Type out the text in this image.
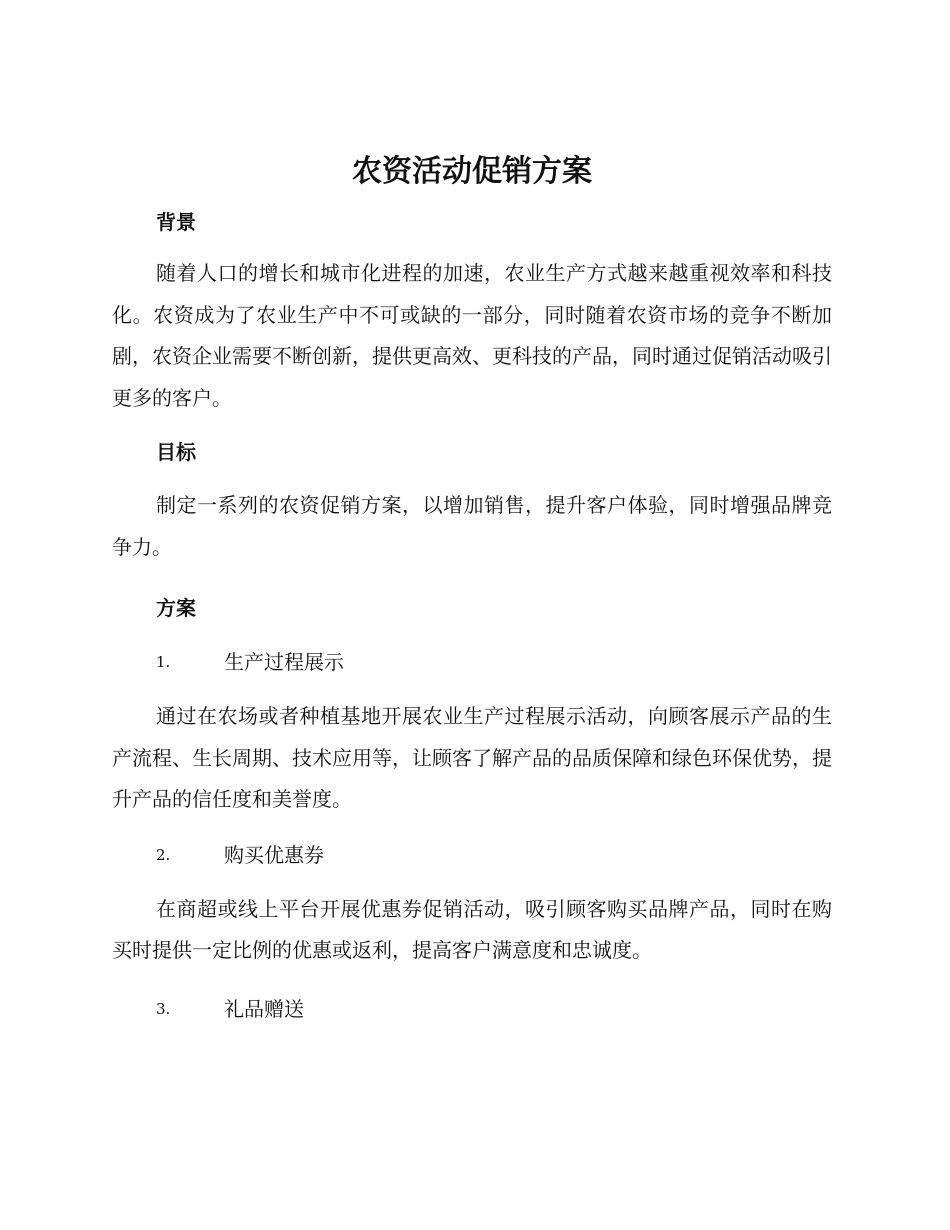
农资活动促销方案
背景

随着人口的增长和城市化进程的加速，农业生产方式越来越重视效率和科技化。农资成为了农业生产中不可或缺的一部分，同时随着农资市场的竞争不断加剧，农资企业需要不断创新，提供更高效、更科技的产品，同时通过促销活动吸引更多的客户。

目标

制定一系列的农资促销方案，以增加销售，提升客户体验，同时增强品牌竞争力。

方案
1.	生产过程展示

通过在农场或者种植基地开展农业生产过程展示活动，向顾客展示产品的生产流程、生长周期、技术应用等，让顾客了解产品的品质保障和绿色环保优势，提升产品的信任度和美誉度。

2.	购买优惠券

在商超或线上平台开展优惠券促销活动，吸引顾客购买品牌产品，同时在购买时提供一定比例的优惠或返利，提高客户满意度和忠诚度。

3.	礼品赠送
